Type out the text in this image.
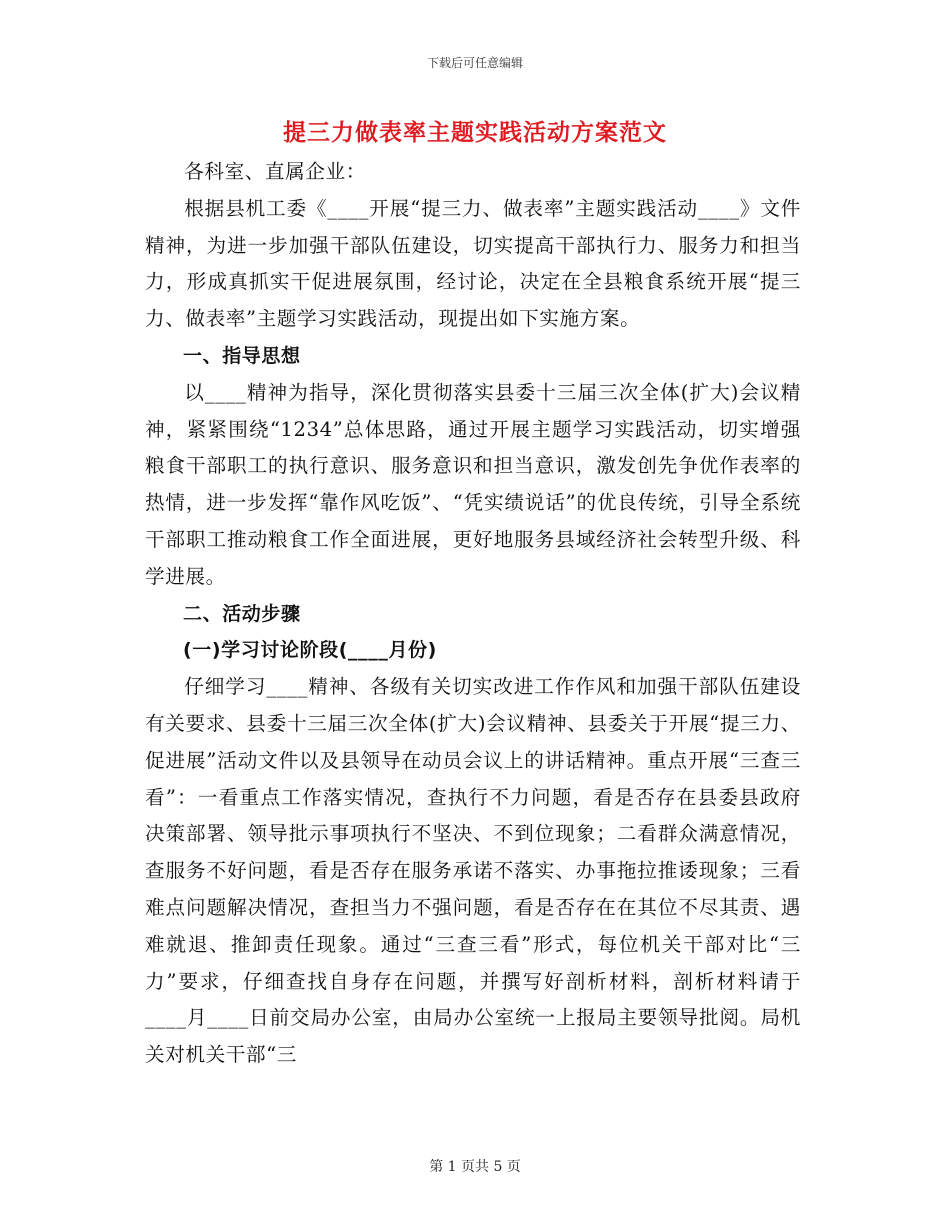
下载后可任意编辑
提三力做表率主题实践活动方案范文

各科室、直属企业：

根据县机工委《____开展“提三力、做表率”主题实践活动____》文件精神，为进一步加强干部队伍建设，切实提高干部执行力、服务力和担当力，形成真抓实干促进展氛围，经讨论，决定在全县粮食系统开展“提三力、做表率”主题学习实践活动，现提出如下实施方案。

一、指导思想

以____精神为指导，深化贯彻落实县委十三届三次全体(扩大)会议精神，紧紧围绕“1234”总体思路，通过开展主题学习实践活动，切实增强粮食干部职工的执行意识、服务意识和担当意识，激发创先争优作表率的热情，进一步发挥“靠作风吃饭”、“凭实绩说话”的优良传统，引导全系统干部职工推动粮食工作全面进展，更好地服务县域经济社会转型升级、科学进展。

二、活动步骤

(一)学习讨论阶段(____月份)

仔细学习____精神、各级有关切实改进工作作风和加强干部队伍建设有关要求、县委十三届三次全体(扩大)会议精神、县委关于开展“提三力、促进展”活动文件以及县领导在动员会议上的讲话精神。重点开展“三查三看”：一看重点工作落实情况，查执行不力问题，看是否存在县委县政府决策部署、领导批示事项执行不坚决、不到位现象；二看群众满意情况，查服务不好问题，看是否存在服务承诺不落实、办事拖拉推诿现象；三看难点问题解决情况，查担当力不强问题，看是否存在在其位不尽其责、遇难就退、推卸责任现象。通过“三查三看”形式，每位机关干部对比“三力”要求，仔细查找自身存在问题，并撰写好剖析材料，剖析材料请于____月____日前交局办公室，由局办公室统一上报局主要领导批阅。局机关对机关干部“三

第 1 页共 5 页
